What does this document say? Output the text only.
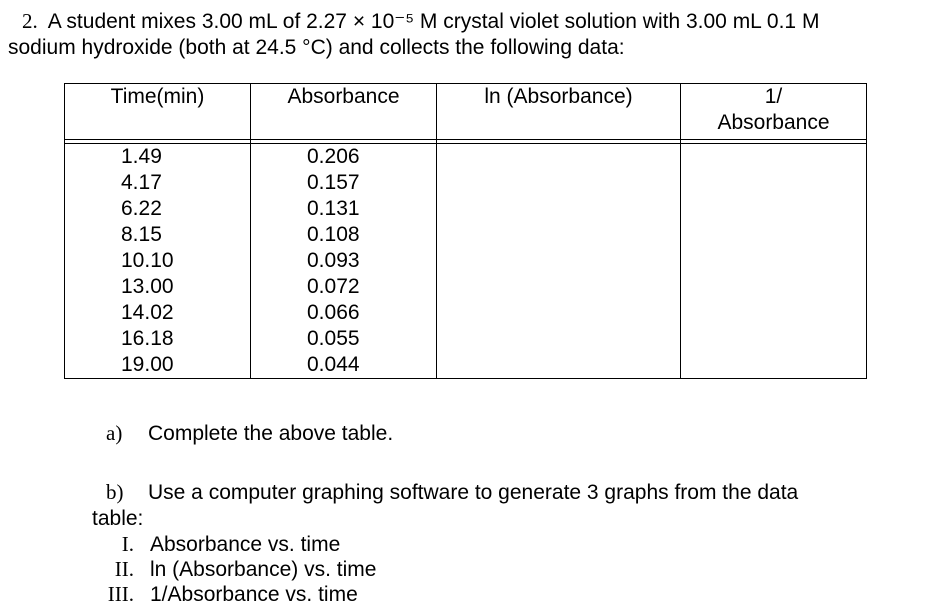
2. A student mixes 3.00 mL of 2.27 × 10⁻⁵ M crystal violet solution with 3.00 mL 0.1 M
sodium hydroxide (both at 24.5 °C) and collects the following data:
Time(min)	Absorbance	ln (Absorbance)	1/
Absorbance

1.49	0.206		
4.17	0.157		
6.22	0.131		
8.15	0.108		
10.10	0.093		
13.00	0.072		
14.02	0.066		
16.18	0.055		
19.00	0.044		
a) Complete the above table.
b) Use a computer graphing software to generate 3 graphs from the data
table:
I. Absorbance vs. time
II. ln (Absorbance) vs. time
III. 1/Absorbance vs. time
